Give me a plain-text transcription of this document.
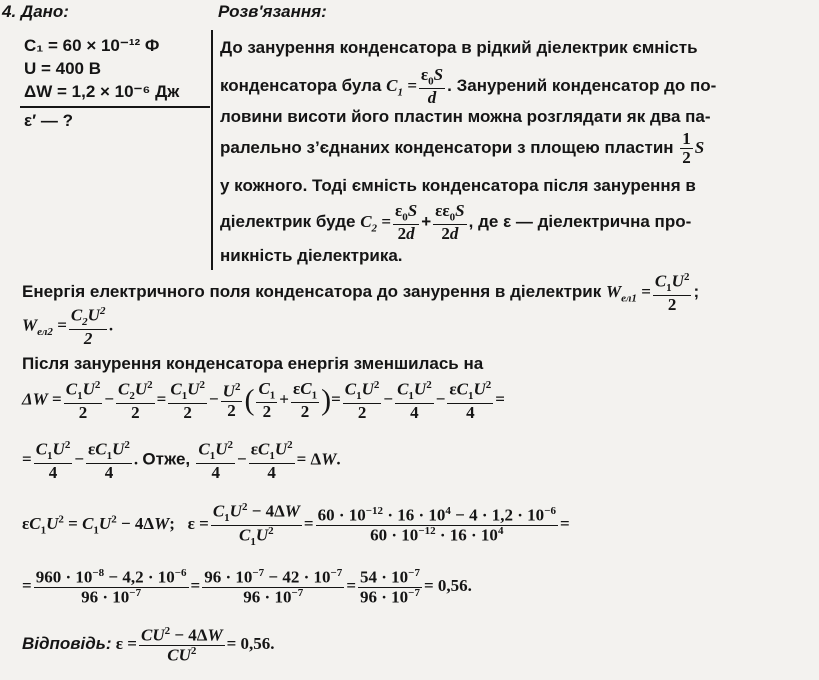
4. Дано:	Розв'язання:
C₁ = 60 × 10⁻¹² Ф
U = 400 В
ΔW = 1,2 × 10⁻⁶ Дж
ε′ — ?
До занурення конденсатора в рідкий діелектрик ємність
конденсатора була $C_1 = \frac{\varepsilon_0S}{d}$ . Занурений конденсатор до по-
ловини висоти його пластин можна розглядати як два па-
ралельно з’єднаних конденсатори з площею пластин $\frac{1}{2}$ S
у кожного. Тоді ємність конденсатора після занурення в
діелектрик буде $C_2 = \frac{\varepsilon_0S}{2d} + \frac{\varepsilon\varepsilon_0S}{2d}$ , де ε — діелектрична про-
никність діелектрика.
Енергія електричного поля конденсатора до занурення в діелектрик $W_{ел1} = \frac{C_1U^2}{2}$ ;
$W_{ел2} = \frac{C_2U^2}{2}$ .
Після занурення конденсатора енергія зменшилась на
$\Delta W = \frac{C_1U^2}{2} - \frac{C_2U^2}{2} = \frac{C_1U^2}{2} - \frac{U^2}{2}$ ( $\frac{C_1}{2} + \frac{\varepsilon C_1}{2}$ )= $\frac{C_1U^2}{2} - \frac{C_1U^2}{4} - \frac{\varepsilon C_1U^2}{4}$ =
= $\frac{C_1U^2}{4} - \frac{\varepsilon C_1U^2}{4}$ . Отже, $\frac{C_1U^2}{4} - \frac{\varepsilon C_1U^2}{4} = \Delta W$.
$\varepsilon C_1U^2 = C_1U^2 - 4\Delta W$;   $\varepsilon = \frac{C_1U^2 - 4\Delta W}{C_1U^2} = \frac{60 \cdot 10^{-12} \cdot 16 \cdot 10^4 - 4 \cdot 1,2 \cdot 10^{-6}}{60 \cdot 10^{-12} \cdot 16 \cdot 10^4}$ =
= $\frac{960 \cdot 10^{-8} - 4,2 \cdot 10^{-6}}{96 \cdot 10^{-7}} = \frac{96 \cdot 10^{-7} - 42 \cdot 10^{-7}}{96 \cdot 10^{-7}} = \frac{54 \cdot 10^{-7}}{96 \cdot 10^{-7}} = 0,56$.
Відповідь: $\varepsilon = \frac{CU^2 - 4\Delta W}{CU^2} = 0,56$.
